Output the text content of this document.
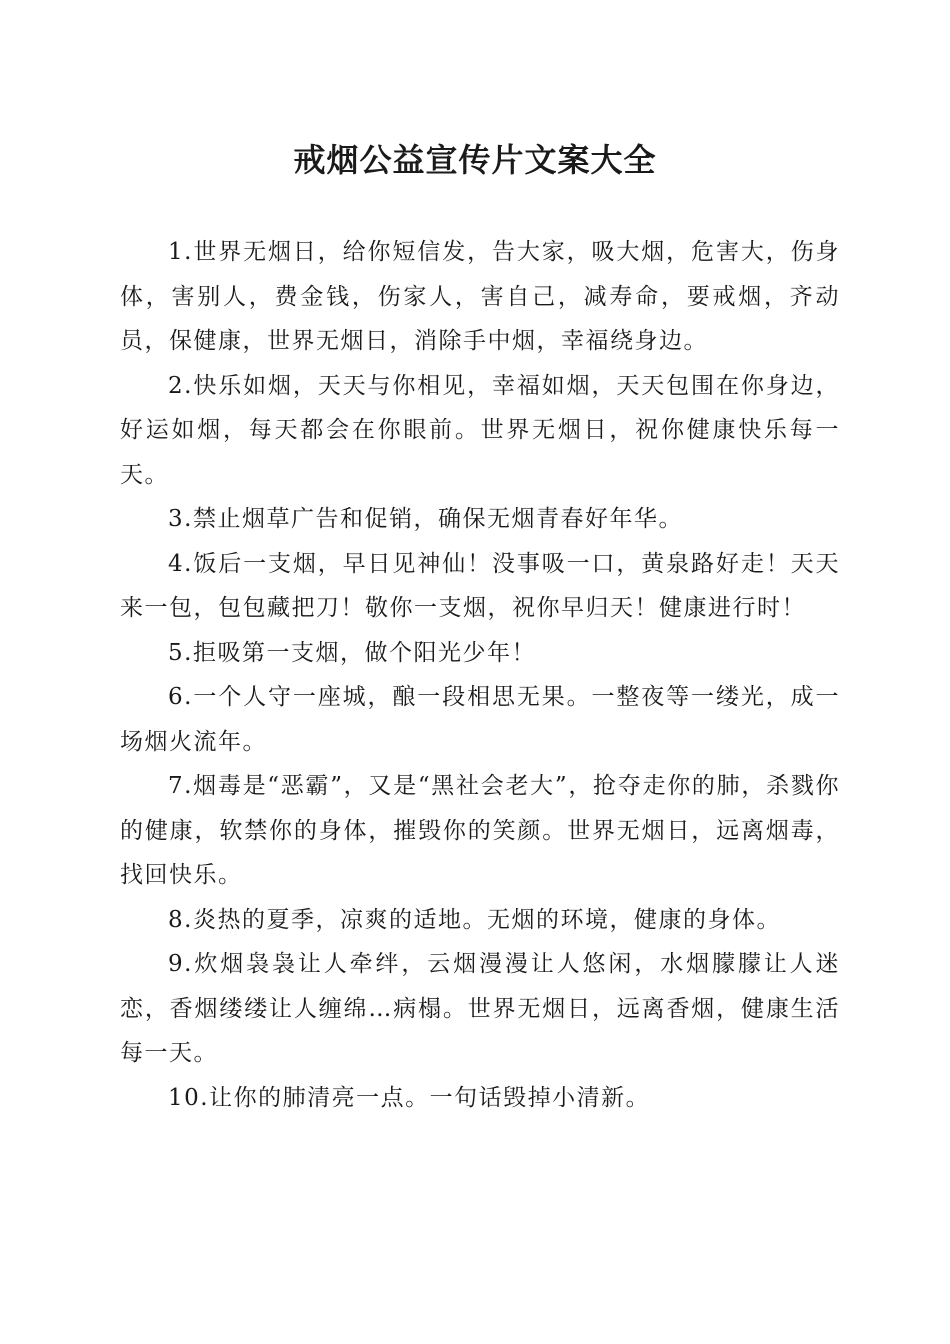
戒烟公益宣传片文案大全

1.世界无烟日，给你短信发，告大家，吸大烟，危害大，伤身体，害别人，费金钱，伤家人，害自己，减寿命，要戒烟，齐动员，保健康，世界无烟日，消除手中烟，幸福绕身边。

2.快乐如烟，天天与你相见，幸福如烟，天天包围在你身边，好运如烟，每天都会在你眼前。世界无烟日，祝你健康快乐每一天。

3.禁止烟草广告和促销，确保无烟青春好年华。

4.饭后一支烟，早日见神仙！没事吸一口，黄泉路好走！天天来一包，包包藏把刀！敬你一支烟，祝你早归天！健康进行时！

5.拒吸第一支烟，做个阳光少年！

6.一个人守一座城，酿一段相思无果。一整夜等一缕光，成一场烟火流年。

7.烟毒是“恶霸”，又是“黑社会老大”，抢夺走你的肺，杀戮你的健康，软禁你的身体，摧毁你的笑颜。世界无烟日，远离烟毒，找回快乐。

8.炎热的夏季，凉爽的适地。无烟的环境，健康的身体。

9.炊烟袅袅让人牵绊，云烟漫漫让人悠闲，水烟朦朦让人迷恋，香烟缕缕让人缠绵…病榻。世界无烟日，远离香烟，健康生活每一天。

10.让你的肺清亮一点。一句话毁掉小清新。
